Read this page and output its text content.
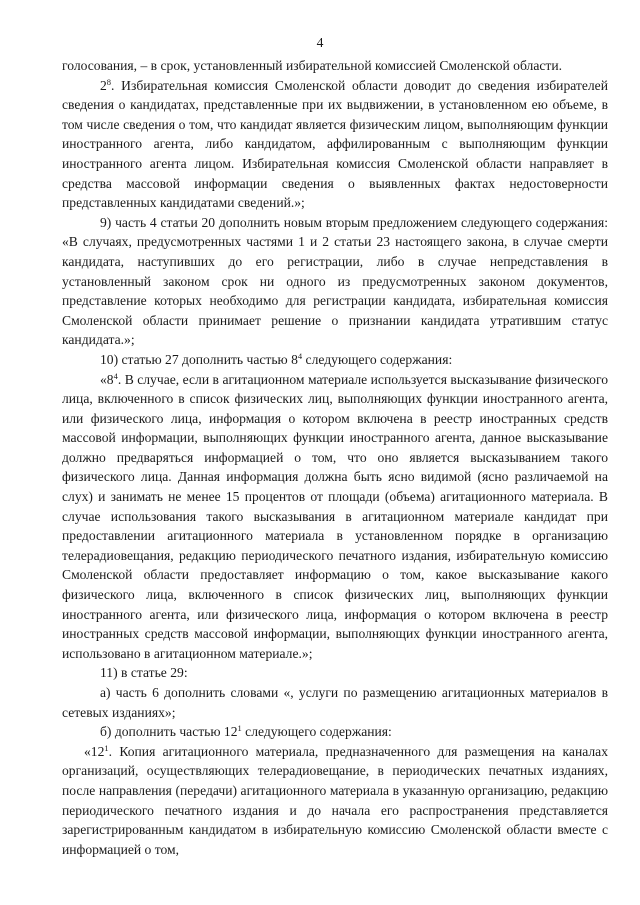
4

голосования, – в срок, установленный избирательной комиссией Смоленской области.

$2^8$. Избирательная комиссия Смоленской области доводит до сведения избирателей сведения о кандидатах, представленные при их выдвижении, в установленном ею объеме, в том числе сведения о том, что кандидат является физическим лицом, выполняющим функции иностранного агента, либо кандидатом, аффилированным с выполняющим функции иностранного агента лицом. Избирательная комиссия Смоленской области направляет в средства массовой информации сведения о выявленных фактах недостоверности представленных кандидатами сведений.»;

9) часть 4 статьи 20 дополнить новым вторым предложением следующего содержания: «В случаях, предусмотренных частями 1 и 2 статьи 23 настоящего закона, в случае смерти кандидата, наступивших до его регистрации, либо в случае непредставления в установленный законом срок ни одного из предусмотренных законом документов, представление которых необходимо для регистрации кандидата, избирательная комиссия Смоленской области принимает решение о признании кандидата утратившим статус кандидата.»;

10) статью 27 дополнить частью $8^4$ следующего содержания:

«$8^4$. В случае, если в агитационном материале используется высказывание физического лица, включенного в список физических лиц, выполняющих функции иностранного агента, или физического лица, информация о котором включена в реестр иностранных средств массовой информации, выполняющих функции иностранного агента, данное высказывание должно предваряться информацией о том, что оно является высказыванием такого физического лица. Данная информация должна быть ясно видимой (ясно различаемой на слух) и занимать не менее 15 процентов от площади (объема) агитационного материала. В случае использования такого высказывания в агитационном материале кандидат при предоставлении агитационного материала в установленном порядке в организацию телерадиовещания, редакцию периодического печатного издания, избирательную комиссию Смоленской области предоставляет информацию о том, какое высказывание какого физического лица, включенного в список физических лиц, выполняющих функции иностранного агента, или физического лица, информация о котором включена в реестр иностранных средств массовой информации, выполняющих функции иностранного агента, использовано в агитационном материале.»;

11) в статье 29:

а) часть 6 дополнить словами «, услуги по размещению агитационных материалов в сетевых изданиях»;

б) дополнить частью $12^1$ следующего содержания:

«$12^1$. Копия агитационного материала, предназначенного для размещения на каналах организаций, осуществляющих телерадиовещание, в периодических печатных изданиях, после направления (передачи) агитационного материала в указанную организацию, редакцию периодического печатного издания и до начала его распространения представляется зарегистрированным кандидатом в избирательную комиссию Смоленской области вместе с информацией о том,
